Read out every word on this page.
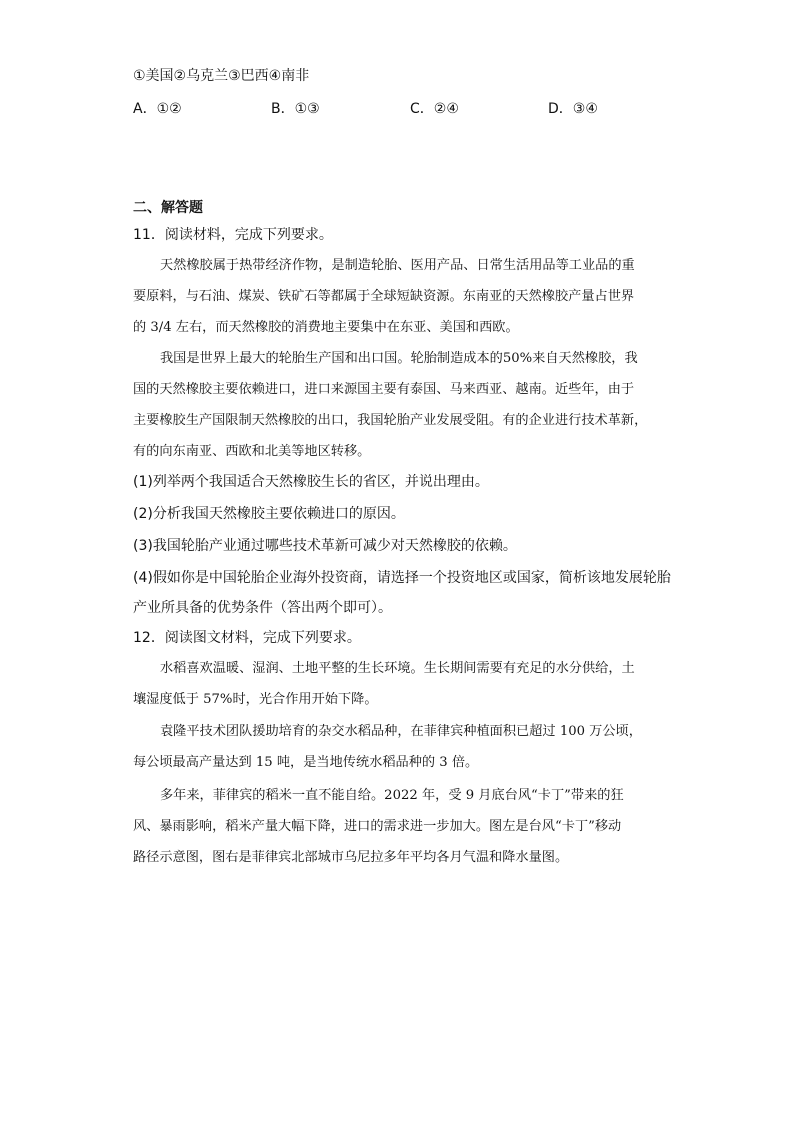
①美国②乌克兰③巴西④南非
A．①②	B．①③	C．②④	D．③④
二、解答题
11．阅读材料，完成下列要求。
天然橡胶属于热带经济作物，是制造轮胎、医用产品、日常生活用品等工业品的重
要原料，与石油、煤炭、铁矿石等都属于全球短缺资源。东南亚的天然橡胶产量占世界
的 3/4 左右，而天然橡胶的消费地主要集中在东亚、美国和西欧。
我国是世界上最大的轮胎生产国和出口国。轮胎制造成本的50%来自天然橡胶，我
国的天然橡胶主要依赖进口，进口来源国主要有泰国、马来西亚、越南。近些年，由于
主要橡胶生产国限制天然橡胶的出口，我国轮胎产业发展受阻。有的企业进行技术革新，
有的向东南亚、西欧和北美等地区转移。
(1)列举两个我国适合天然橡胶生长的省区，并说出理由。
(2)分析我国天然橡胶主要依赖进口的原因。
(3)我国轮胎产业通过哪些技术革新可减少对天然橡胶的依赖。
(4)假如你是中国轮胎企业海外投资商，请选择一个投资地区或国家，简析该地发展轮胎
产业所具备的优势条件（答出两个即可）。
12．阅读图文材料，完成下列要求。
水稻喜欢温暖、湿润、土地平整的生长环境。生长期间需要有充足的水分供给，土
壤湿度低于 57%时，光合作用开始下降。
袁隆平技术团队援助培育的杂交水稻品种，在菲律宾种植面积已超过 100 万公顷，
每公顷最高产量达到 15 吨，是当地传统水稻品种的 3 倍。
多年来，菲律宾的稻米一直不能自给。2022 年，受 9 月底台风“卡丁”带来的狂
风、暴雨影响，稻米产量大幅下降，进口的需求进一步加大。图左是台风“卡丁”移动
路径示意图，图右是菲律宾北部城市乌尼拉多年平均各月气温和降水量图。
